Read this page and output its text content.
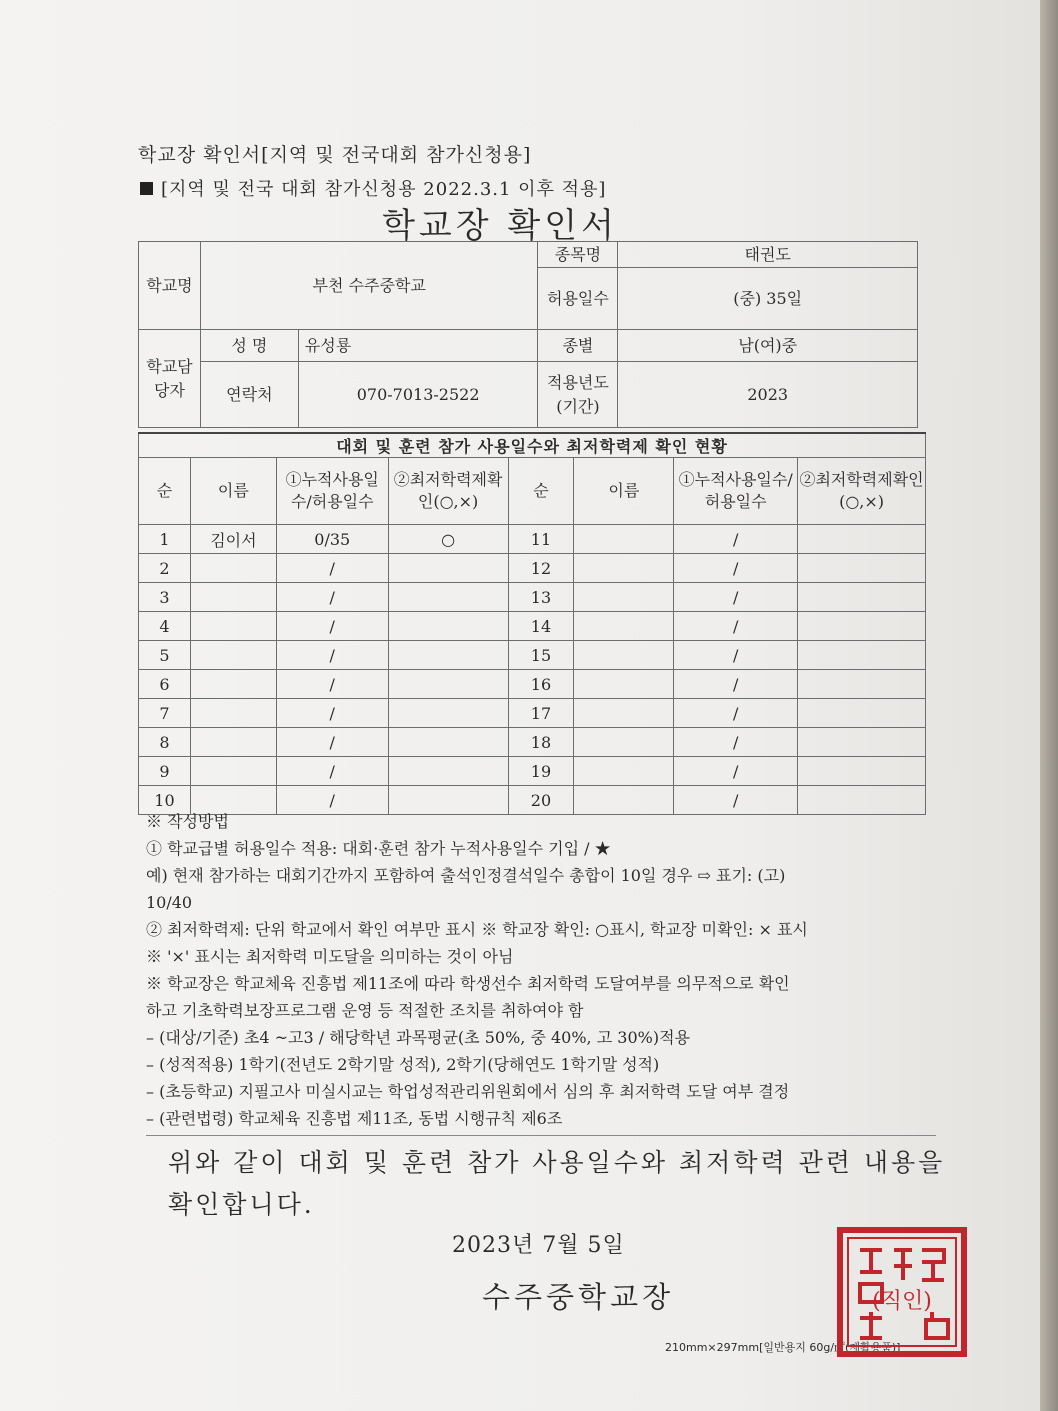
학교장 확인서[지역 및 전국대회 참가신청용]
[지역 및 전국 대회 참가신청용 2022.3.1 이후 적용]
학교장 확인서
학교명	부천 수주중학교		종목명	태권도
			허용일수	(중) 35일
학교담당자	성 명	유성룡	종별	남(여)중
	연락처	070-7013-2522	적용년도(기간)	2023
대회 및 훈련 참가 사용일수와 최저학력제 확인 현황							
순	이름	①누적사용일수/허용일수	②최저학력제확인(○,×)	순	이름	①누적사용일수/허용일수	②최저학력제확인(○,×)
1	김이서	0/35	○	11		/	
2		/		12		/	
3		/		13		/	
4		/		14		/	
5		/		15		/	
6		/		16		/	
7		/		17		/	
8		/		18		/	
9		/		19		/	
10		/		20		/	
※ 작성방법
① 학교급별 허용일수 적용: 대회·훈련 참가 누적사용일수 기입 / ★
예) 현재 참가하는 대회기간까지 포함하여 출석인정결석일수 총합이 10일 경우 ⇨ 표기: (고)
10/40
② 최저학력제: 단위 학교에서 확인 여부만 표시 ※ 학교장 확인: ○표시, 학교장 미확인: × 표시
※ '×' 표시는 최저학력 미도달을 의미하는 것이 아님
※ 학교장은 학교체육 진흥법 제11조에 따라 학생선수 최저학력 도달여부를 의무적으로 확인
하고 기초학력보장프로그램 운영 등 적절한 조치를 취하여야 함
– (대상/기준) 초4 ~고3 / 해당학년 과목평균(초 50%, 중 40%, 고 30%)적용
– (성적적용) 1학기(전년도 2학기말 성적), 2학기(당해연도 1학기말 성적)
– (초등학교) 지필고사 미실시교는 학업성적관리위원회에서 심의 후 최저학력 도달 여부 결정
– (관련법령) 학교체육 진흥법 제11조, 동법 시행규칙 제6조
위와 같이 대회 및 훈련 참가 사용일수와 최저학력 관련 내용을
확인합니다.
2023년 7월 5일
수주중학교장
210mm×297mm[일반용지 60g/㎡(재활용품)]
(직인)
